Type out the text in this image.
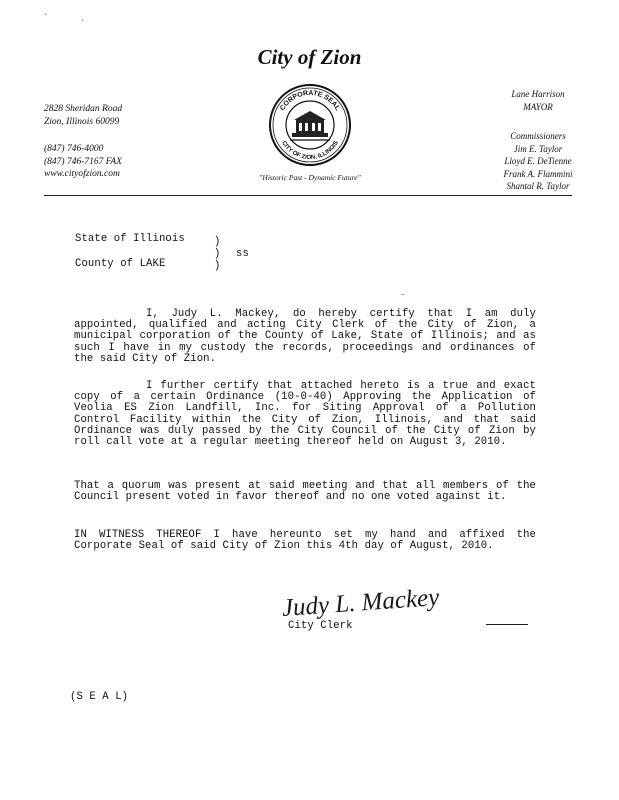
·
·
-
City of Zion
2828 Sheridan Road
Zion, Illinois 60099
(847) 746-4000
(847) 746-7167 FAX
www.cityofzion.com
CORPORATE SEAL
CITY OF ZION, ILLINOIS
"Historic Past - Dynamic Future"
Lane Harrison
MAYOR
Commissioners
Jim E. Taylor
Lloyd E. DeTienne
Frank A. Flammini
Shantal R. Taylor
State of Illinois
County of LAKE
)
)
)
ss

I, Judy L. Mackey, do hereby certify that I am duly appointed, qualified and acting City Clerk of the City of Zion, a municipal corporation of the County of Lake, State of Illinois; and as such I have in my custody the records, proceedings and ordinances of the said City of Zion.

I further certify that attached hereto is a true and exact copy of a certain Ordinance (10-0-40) Approving the Application of Veolia ES Zion Landfill, Inc. for Siting Approval of a Pollution Control Facility within the City of Zion, Illinois, and that said Ordinance was duly passed by the City Council of the City of Zion by roll call vote at a regular meeting thereof held on August 3, 2010.

That a quorum was present at said meeting and that all members of the Council present voted in favor thereof and no one voted against it.

IN WITNESS THEREOF I have hereunto set my hand and affixed the Corporate Seal of said City of Zion this 4th day of August, 2010.

Judy L. Mackey
City Clerk
(S E A L)
